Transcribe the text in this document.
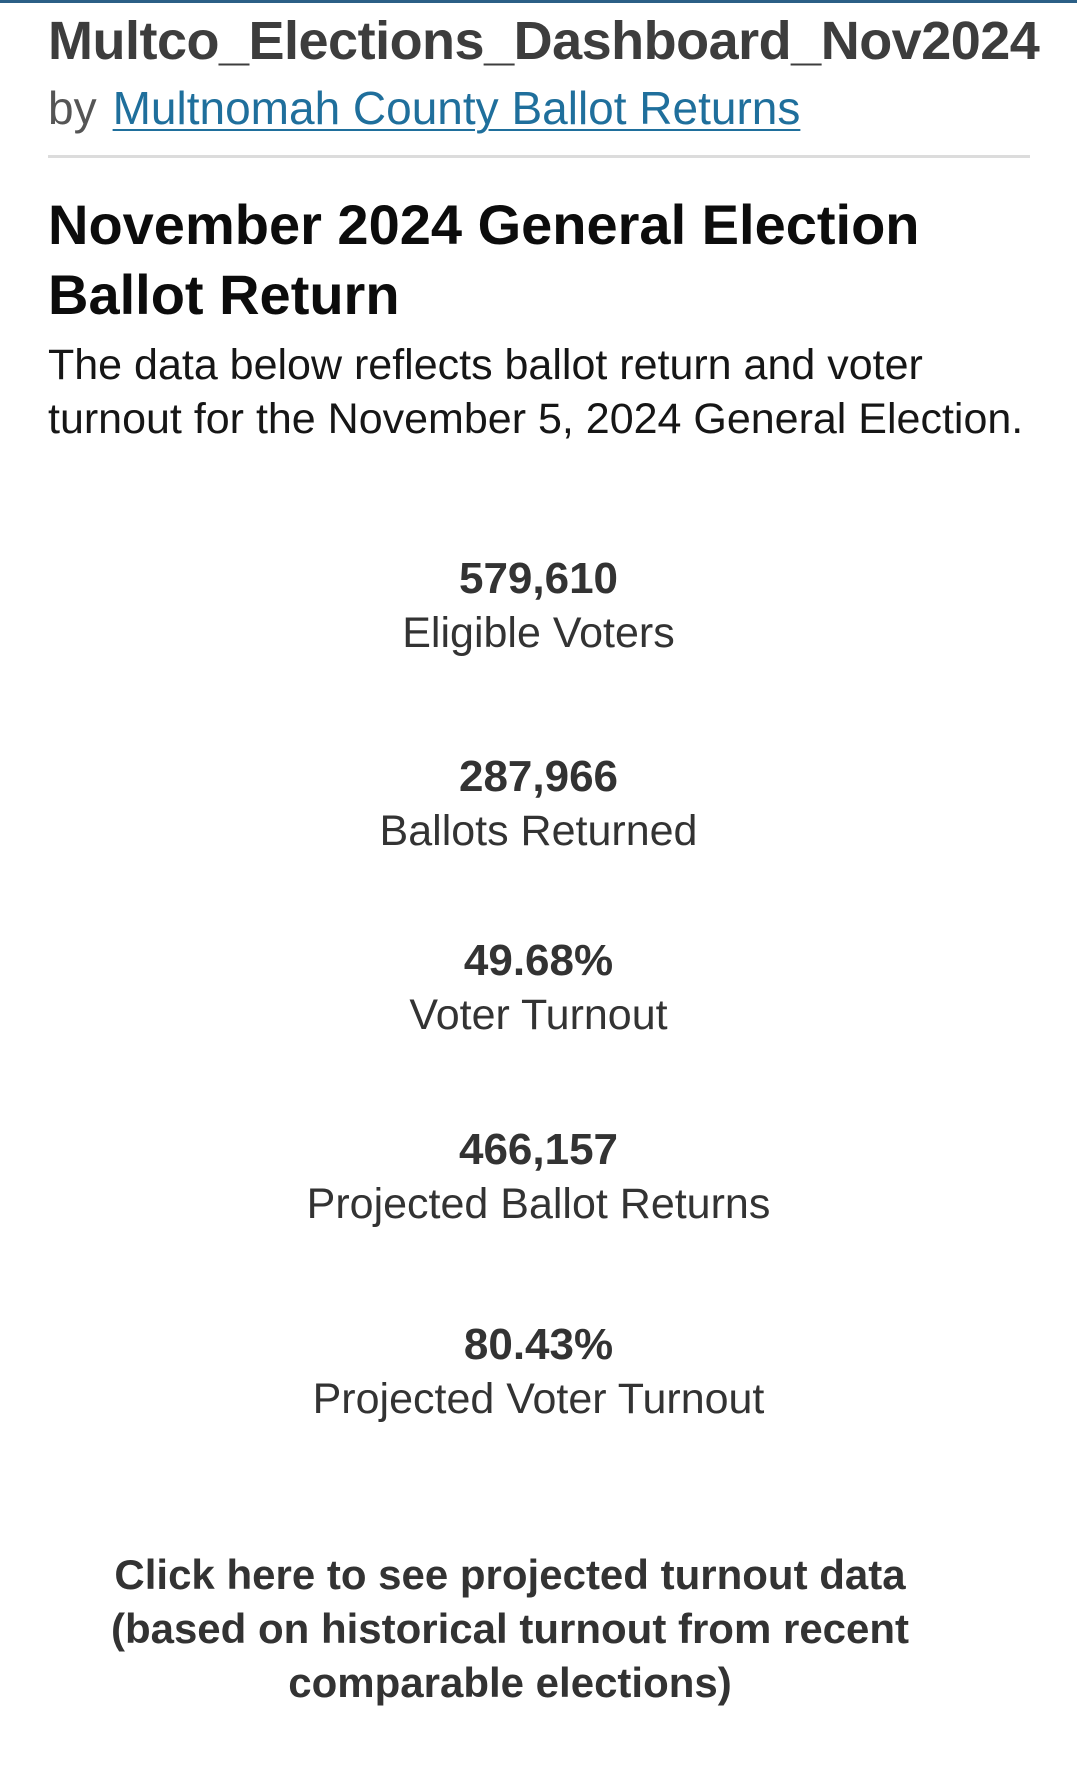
Multco_Elections_Dashboard_Nov2024
by Multnomah County Ballot Returns
November 2024 General Election Ballot Return

The data below reflects ballot return and voter turnout for the November 5, 2024 General Election.

579,610
Eligible Voters
287,966
Ballots Returned
49.68%
Voter Turnout
466,157
Projected Ballot Returns
80.43%
Projected Voter Turnout
Click here to see projected turnout data (based on historical turnout from recent comparable elections)
